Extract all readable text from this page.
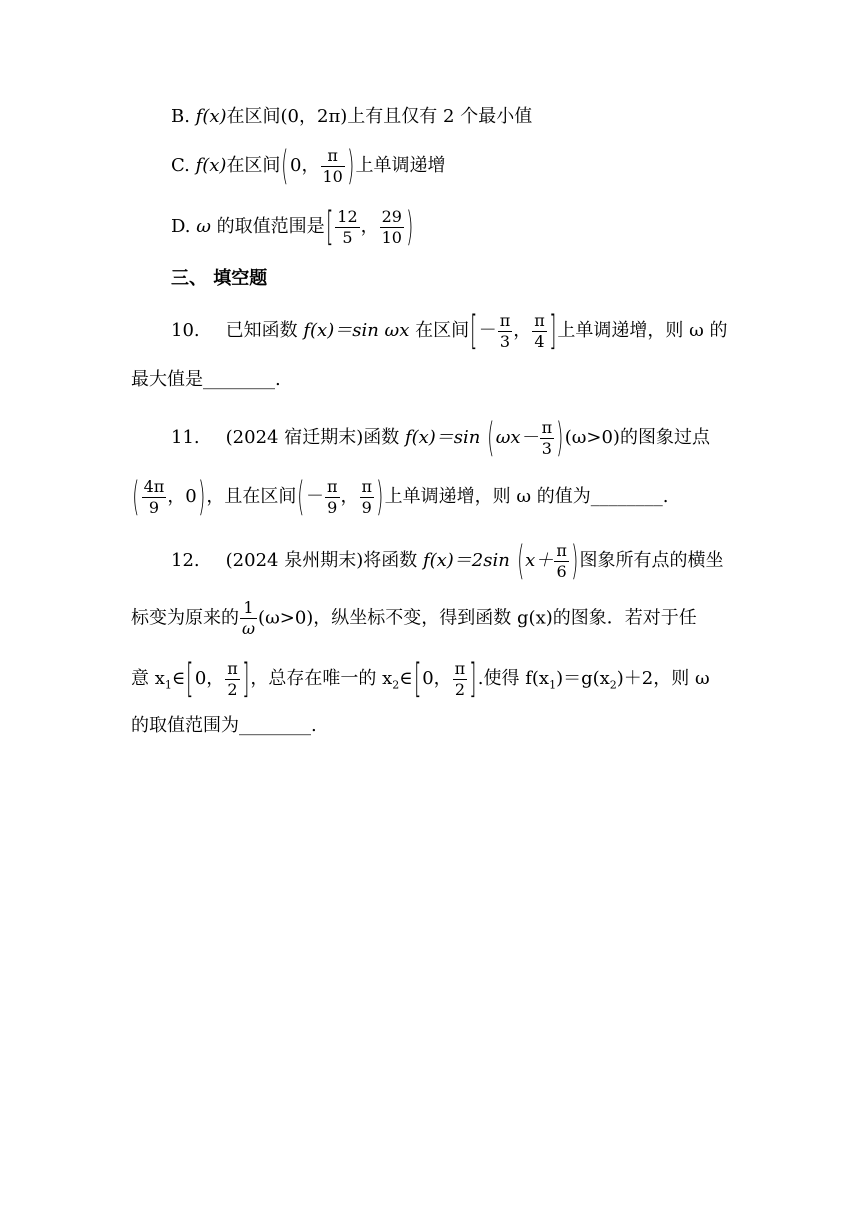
B. f(x)在区间(0，2π)上有且仅有 2 个最小值
C. f(x)在区间(0， $\frac{\pi}{10}$ )上单调递增
D. ω 的取值范围是[ $\frac{12}{5}$ ， $\frac{29}{10}$ )
三、 填空题
10. 已知函数 f(x)＝sin ωx 在区间[－ $\frac{\pi}{3}$ ， $\frac{\pi}{4}$ ]上单调递增，则 ω 的
最大值是________.
11. (2024 宿迁期末)函数 f(x)＝sin $(\omega x- \frac{\pi}{3} )(\omega>0)$的图象过点
( $\frac{4\pi}{9}$ ，0)，且在区间(－ $\frac{\pi}{9}$ ， $\frac{\pi}{9}$ )上单调递增，则 ω 的值为________.
12. (2024 泉州期末)将函数 f(x)＝2sin ($x+ \frac{\pi}{6}$ )图象所有点的横坐
标变为原来的 $\frac{1}{\omega} (\omega>0)$，纵坐标不变，得到函数 g(x)的图象．若对于任
意 $x_1\in[0$， $\frac{\pi}{2}$ ]，总存在唯一的 $x_2\in[0$， $\frac{\pi}{2}$ ].使得 $f(x_1)=g(x_2)+2$，则 ω
的取值范围为________.
